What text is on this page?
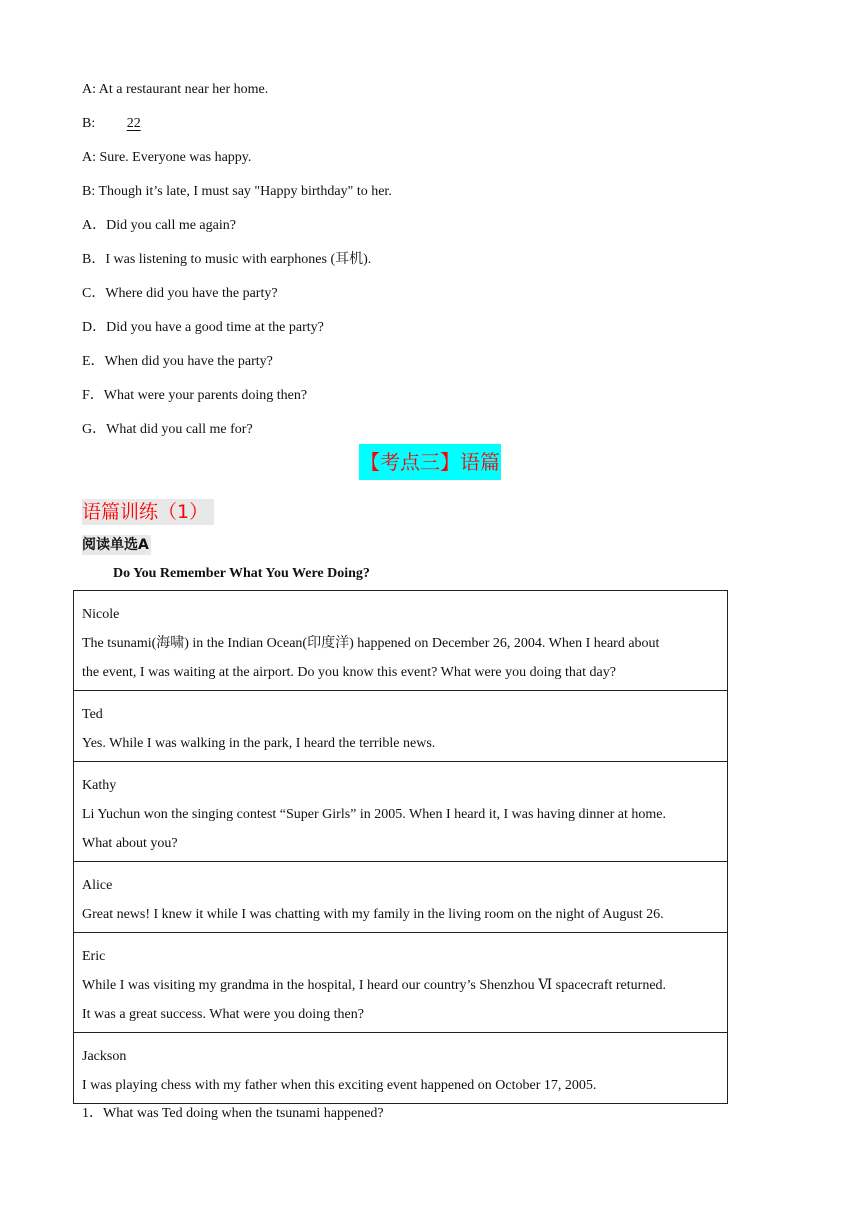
A: At a restaurant near her home.
B: 22
A: Sure. Everyone was happy.
B: Though it’s late, I must say "Happy birthday" to her.
A．Did you call me again?
B．I was listening to music with earphones (耳机).
C．Where did you have the party?
D．Did you have a good time at the party?
E．When did you have the party?
F．What were your parents doing then?
G．What did you call me for?
【考点三】语篇
语篇训练（1）
阅读单选A
Do You Remember What You Were Doing?
Nicole
The tsunami(海啸) in the Indian Ocean(印度洋) happened on December 26, 2004. When I heard about
the event, I was waiting at the airport. Do you know this event? What were you doing that day?

Ted
Yes. While I was walking in the park, I heard the terrible news.

Kathy
Li Yuchun won the singing contest “Super Girls” in 2005. When I heard it, I was having dinner at home.
What about you?

Alice
Great news! I knew it while I was chatting with my family in the living room on the night of August 26.

Eric
While I was visiting my grandma in the hospital, I heard our country’s Shenzhou Ⅵ spacecraft returned.
It was a great success. What were you doing then?

Jackson
I was playing chess with my father when this exciting event happened on October 17, 2005.
1．What was Ted doing when the tsunami happened?
